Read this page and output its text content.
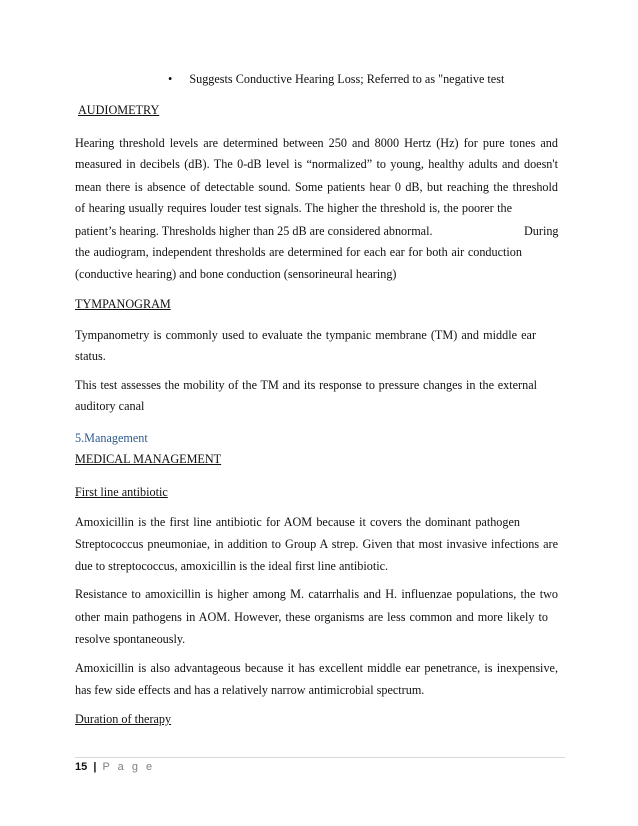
• Suggests Conductive Hearing Loss; Referred to as "negative test
AUDIOMETRY
Hearing threshold levels are determined between 250 and 8000 Hertz (Hz) for pure tones and
measured in decibels (dB). The 0-dB level is “normalized” to young, healthy adults and doesn't
mean there is absence of detectable sound. Some patients hear 0 dB, but reaching the threshold
of hearing usually requires louder test signals. The higher the threshold is, the poorer the
patient’s hearing. Thresholds higher than 25 dB are considered abnormal.	During
the audiogram, independent thresholds are determined for each ear for both air conduction
(conductive hearing) and bone conduction (sensorineural hearing)
TYMPANOGRAM
Tympanometry is commonly used to evaluate the tympanic membrane (TM) and middle ear
status.
This test assesses the mobility of the TM and its response to pressure changes in the external
auditory canal
5.Management
MEDICAL MANAGEMENT
First line antibiotic
Amoxicillin is the first line antibiotic for AOM because it covers the dominant pathogen
Streptococcus pneumoniae, in addition to Group A strep. Given that most invasive infections are
due to streptococcus, amoxicillin is the ideal first line antibiotic.
Resistance to amoxicillin is higher among M. catarrhalis and H. influenzae populations, the two
other main pathogens in AOM. However, these organisms are less common and more likely to
resolve spontaneously.
Amoxicillin is also advantageous because it has excellent middle ear penetrance, is inexpensive,
has few side effects and has a relatively narrow antimicrobial spectrum.
Duration of therapy
15 | P a g e
